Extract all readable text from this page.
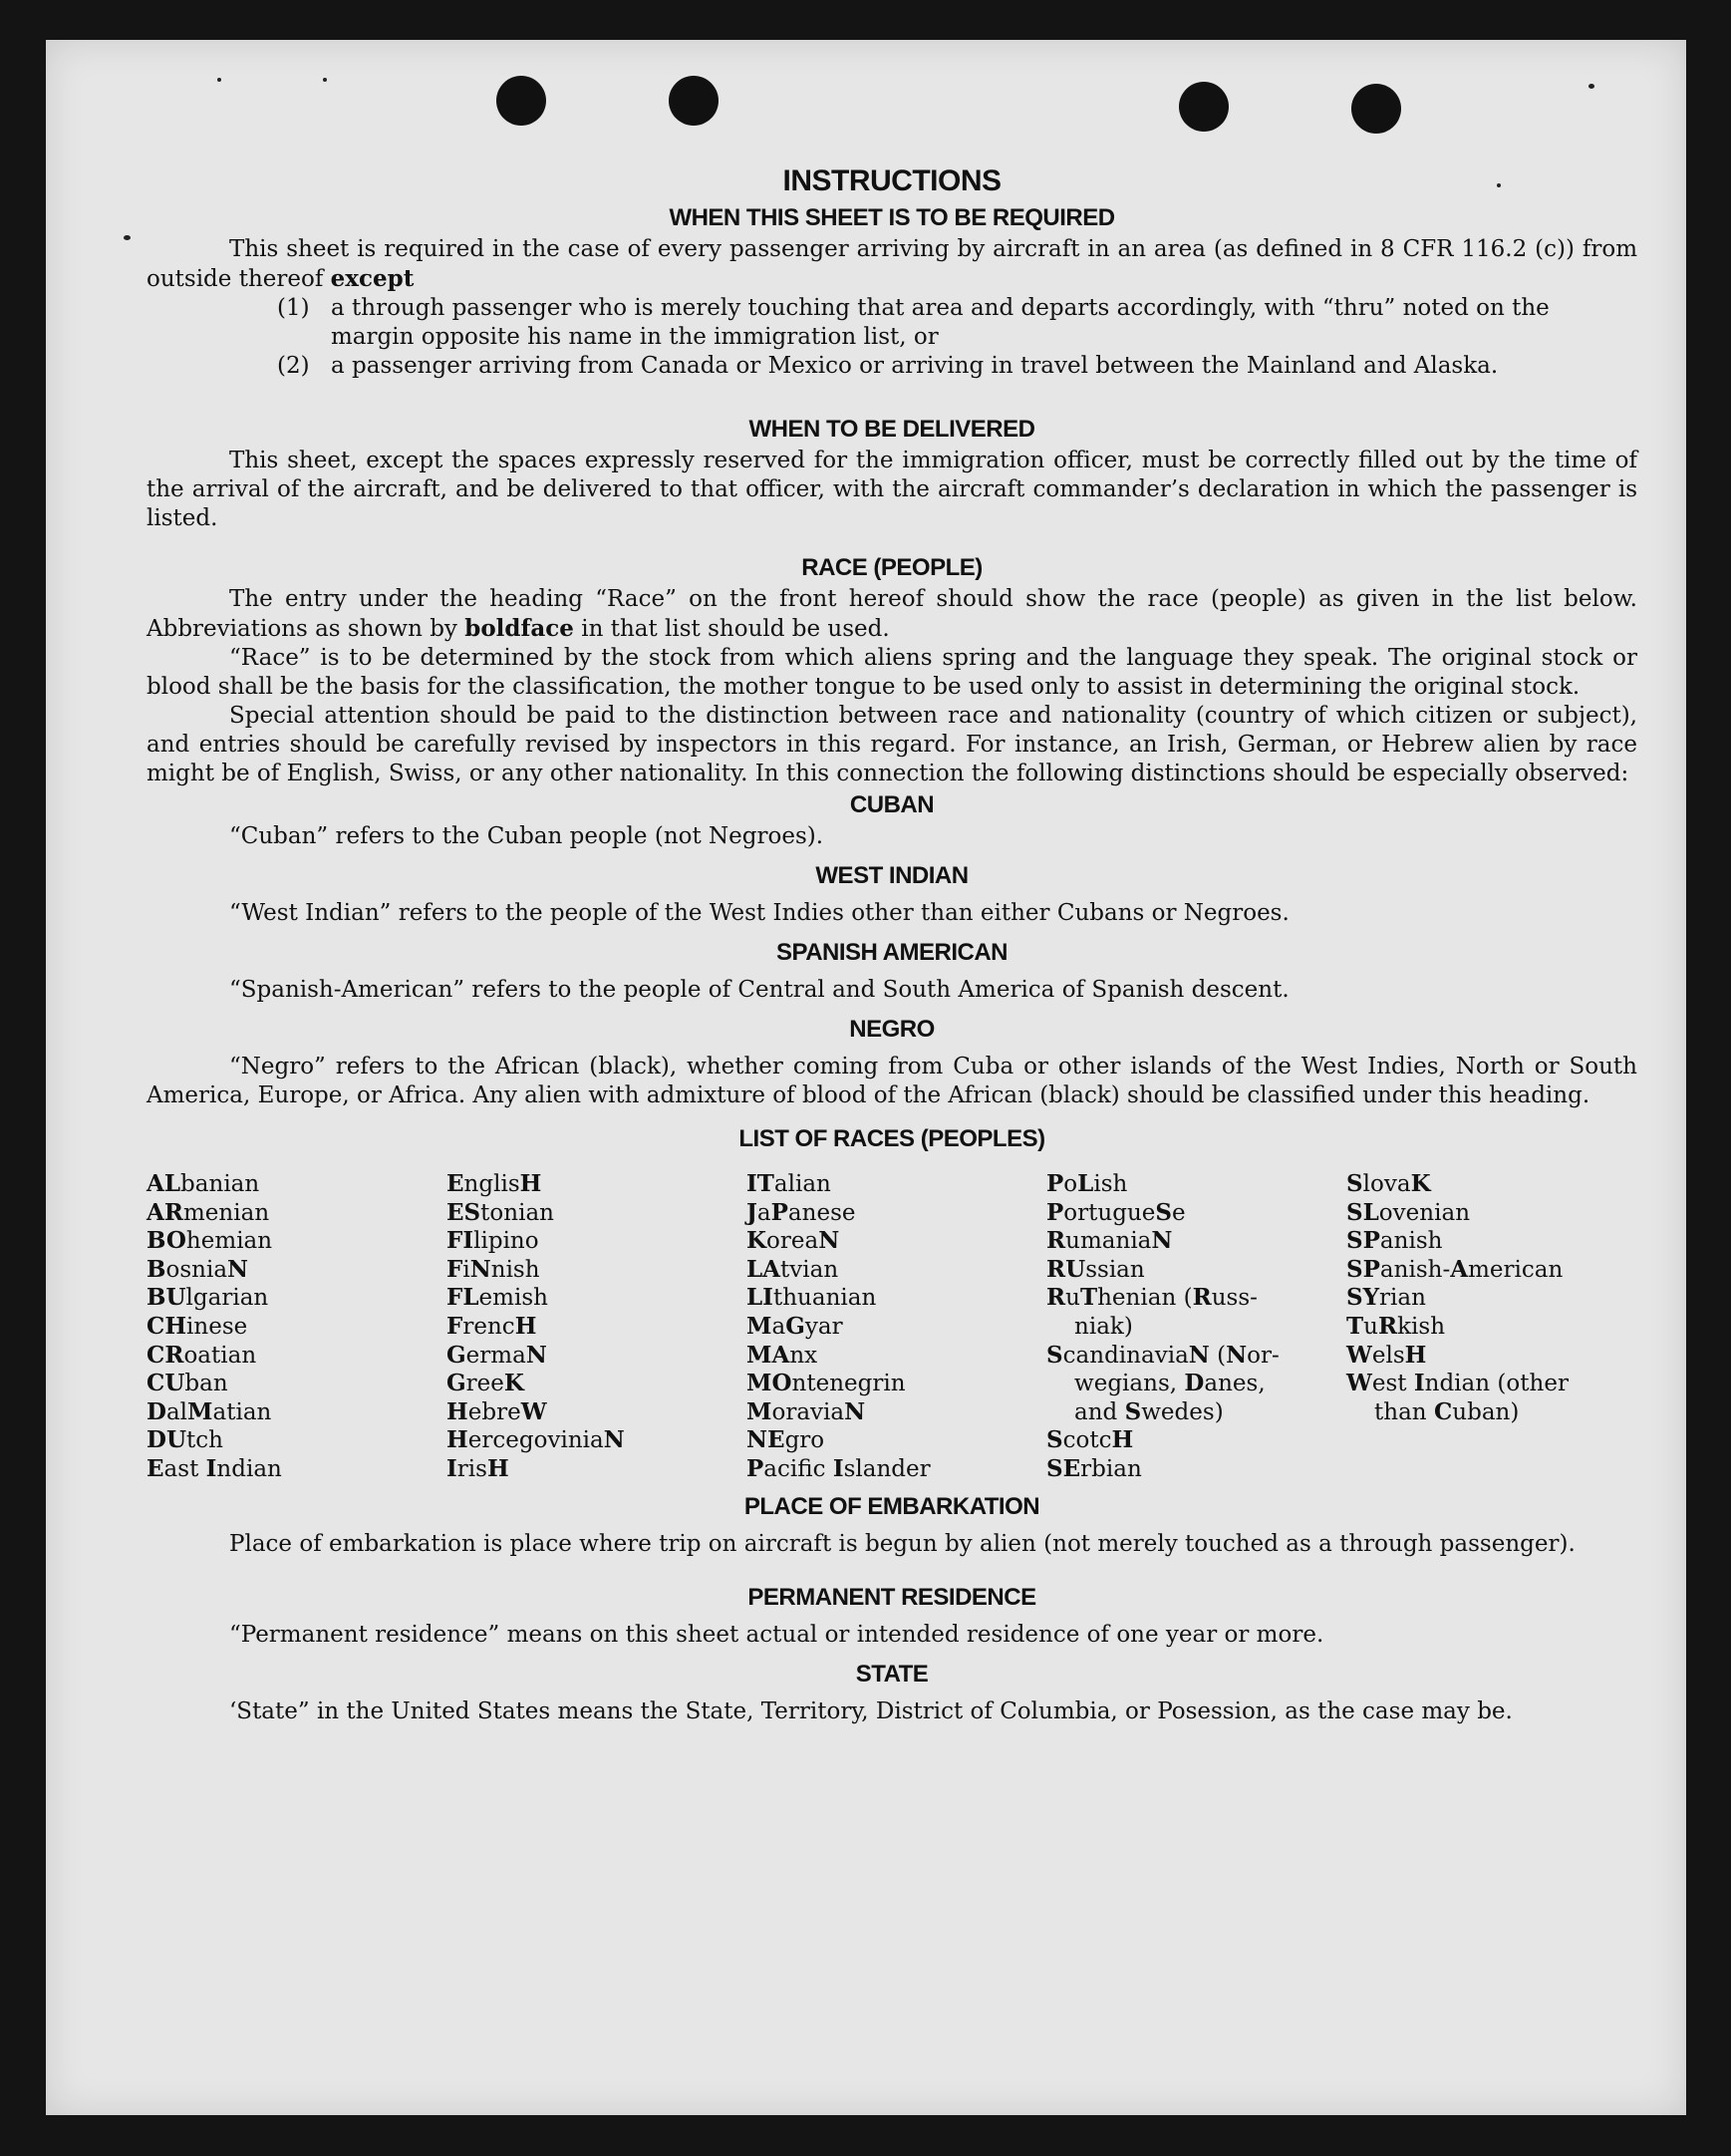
INSTRUCTIONS
WHEN THIS SHEET IS TO BE REQUIRED

This sheet is required in the case of every passenger arriving by aircraft in an area (as defined in 8 CFR 116.2 (c)) from outside thereof except

(1) a through passenger who is merely touching that area and departs accordingly, with “thru” noted on the margin opposite his name in the immigration list, or
(2) a passenger arriving from Canada or Mexico or arriving in travel between the Mainland and Alaska.
WHEN TO BE DELIVERED

This sheet, except the spaces expressly reserved for the immigration officer, must be correctly filled out by the time of the arrival of the aircraft, and be delivered to that officer, with the aircraft commander’s declaration in which the passenger is listed.

RACE (PEOPLE)

The entry under the heading “Race” on the front hereof should show the race (people) as given in the list below. Abbreviations as shown by boldface in that list should be used.

“Race” is to be determined by the stock from which aliens spring and the language they speak. The original stock or blood shall be the basis for the classification, the mother tongue to be used only to assist in determining the original stock.

Special attention should be paid to the distinction between race and nationality (country of which citizen or subject), and entries should be carefully revised by inspectors in this regard. For instance, an Irish, German, or Hebrew alien by race might be of English, Swiss, or any other nationality. In this connection the following distinctions should be especially observed:

CUBAN

“Cuban” refers to the Cuban people (not Negroes).

WEST INDIAN

“West Indian” refers to the people of the West Indies other than either Cubans or Negroes.

SPANISH AMERICAN

“Spanish-American” refers to the people of Central and South America of Spanish descent.

NEGRO

“Negro” refers to the African (black), whether coming from Cuba or other islands of the West Indies, North or South America, Europe, or Africa. Any alien with admixture of blood of the African (black) should be classified under this heading.

LIST OF RACES (PEOPLES)
ALbanian
ARmenian
BOhemian
BosniaN
BUlgarian
CHinese
CRoatian
CUban
DalMatian
DUtch
East Indian
EnglisH
EStonian
FIlipino
FiNnish
FLemish
FrencH
GermaN
GreeK
HebreW
HercegoviniaN
IrisH
ITalian
JaPanese
KoreaN
LAtvian
LIthuanian
MaGyar
MAnx
MOntenegrin
MoraviaN
NEgro
Pacifc Islander
PoLish
PortugueSe
RumaniaN
RUssian
RuThenian (Russ-
niak)
ScandinaviaN (Nor-
wegians, Danes,
and Swedes)
ScotcH
SErbian
SlovaK
SLovenian
SPanish
SPanish-American
SYrian
TuRkish
WelsH
West Indian (other
than Cuban)
PLACE OF EMBARKATION

Place of embarkation is place where trip on aircraft is begun by alien (not merely touched as a through passenger).

PERMANENT RESIDENCE

“Permanent residence” means on this sheet actual or intended residence of one year or more.

STATE

‘State” in the United States means the State, Territory, District of Columbia, or Posession, as the case may be.
